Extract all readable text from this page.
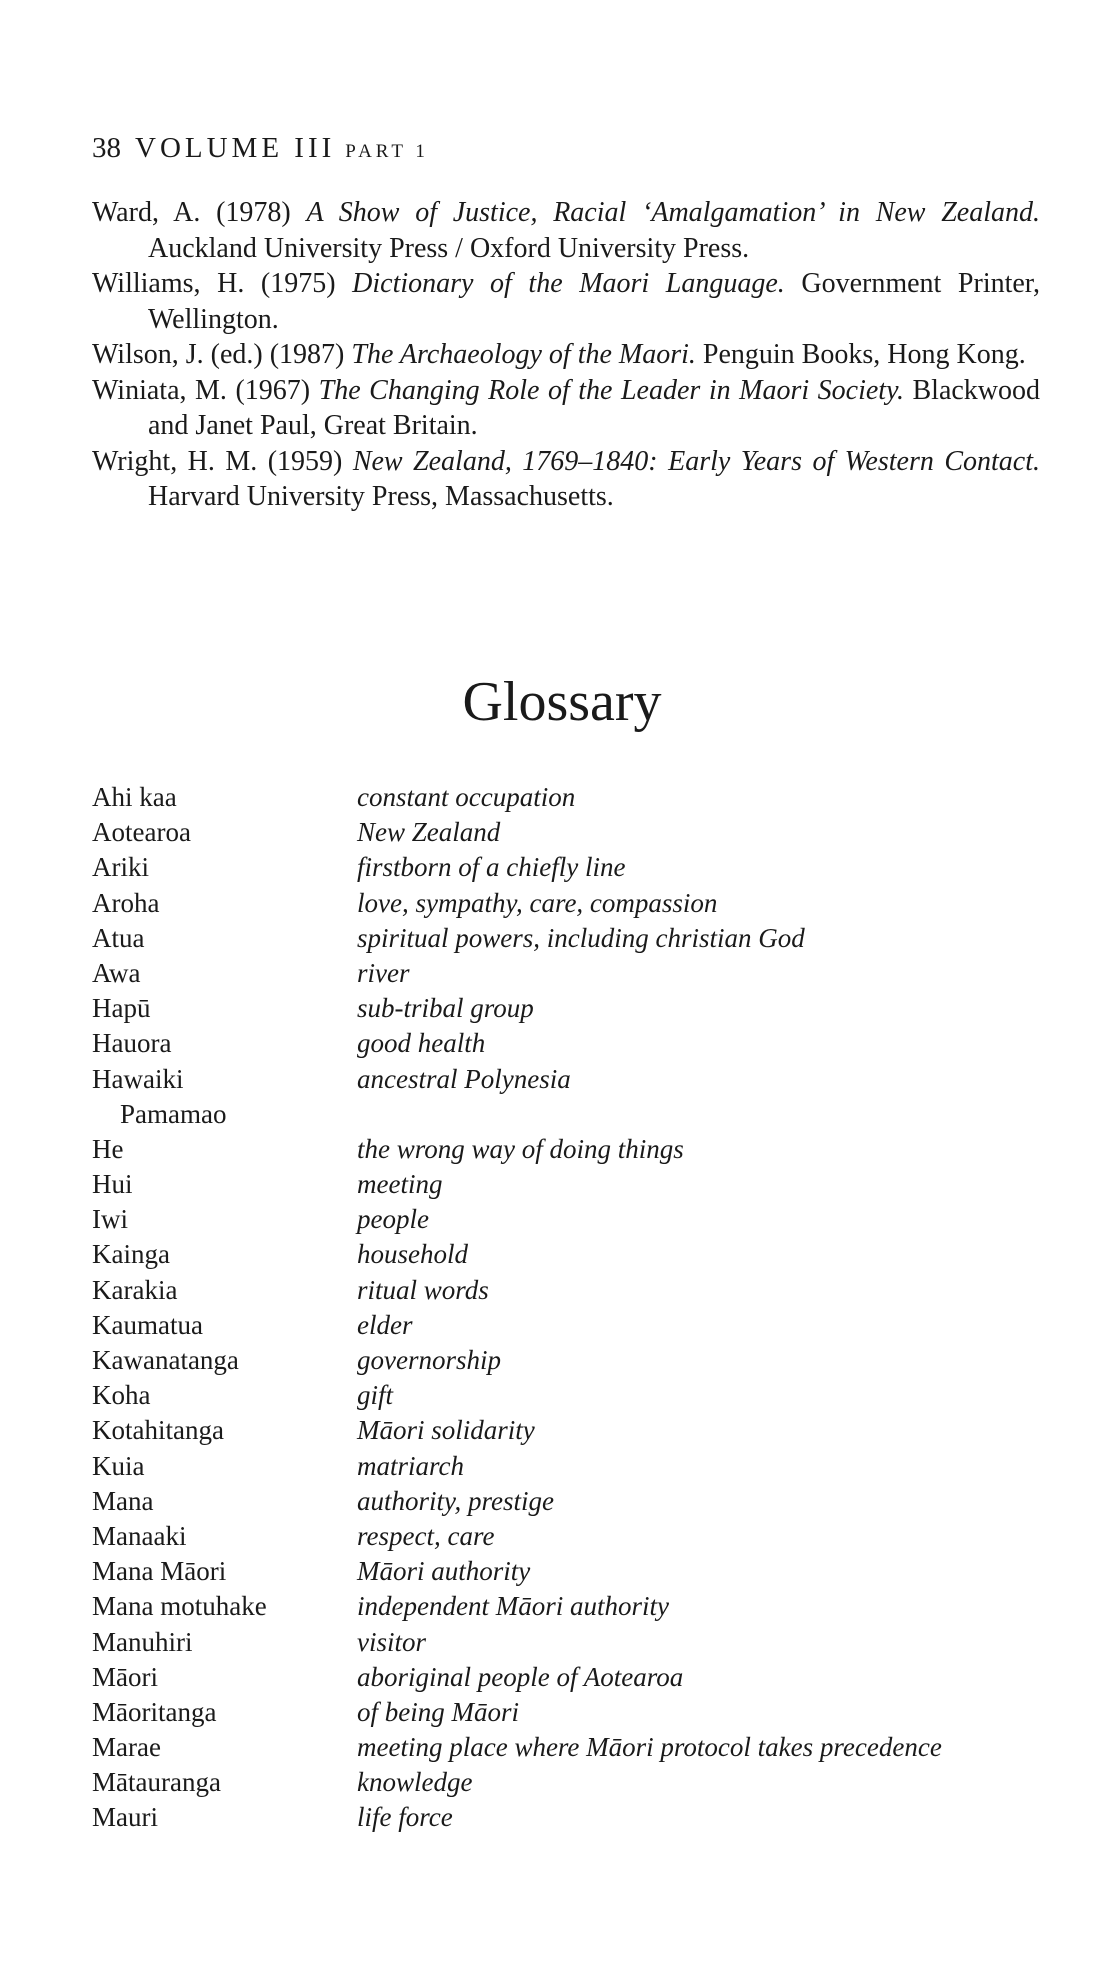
38 VOLUME III PART 1

Ward, A. (1978) A Show of Justice, Racial ‘Amalgamation’ in New Zealand. Auckland University Press / Oxford University Press.

Williams, H. (1975) Dictionary of the Maori Language. Government Printer, Wellington.

Wilson, J. (ed.) (1987) The Archaeology of the Maori. Penguin Books, Hong Kong.

Winiata, M. (1967) The Changing Role of the Leader in Maori Society. Blackwood and Janet Paul, Great Britain.

Wright, H. M. (1959) New Zealand, 1769–1840: Early Years of Western Contact. Harvard University Press, Massachusetts.

Glossary
Ahi kaa	constant occupation
Aotearoa	New Zealand
Ariki	firstborn of a chiefly line
Aroha	love, sympathy, care, compassion
Atua	spiritual powers, including christian God
Awa	river
Hapū	sub-tribal group
Hauora	good health
Hawaiki	ancestral Polynesia
Pamamao
He	the wrong way of doing things
Hui	meeting
Iwi	people
Kainga	household
Karakia	ritual words
Kaumatua	elder
Kawanatanga	governorship
Koha	gift
Kotahitanga	Māori solidarity
Kuia	matriarch
Mana	authority, prestige
Manaaki	respect, care
Mana Māori	Māori authority
Mana motuhake	independent Māori authority
Manuhiri	visitor
Māori	aboriginal people of Aotearoa
Māoritanga	of being Māori
Marae	meeting place where Māori protocol takes precedence
Mātauranga	knowledge
Mauri	life force
